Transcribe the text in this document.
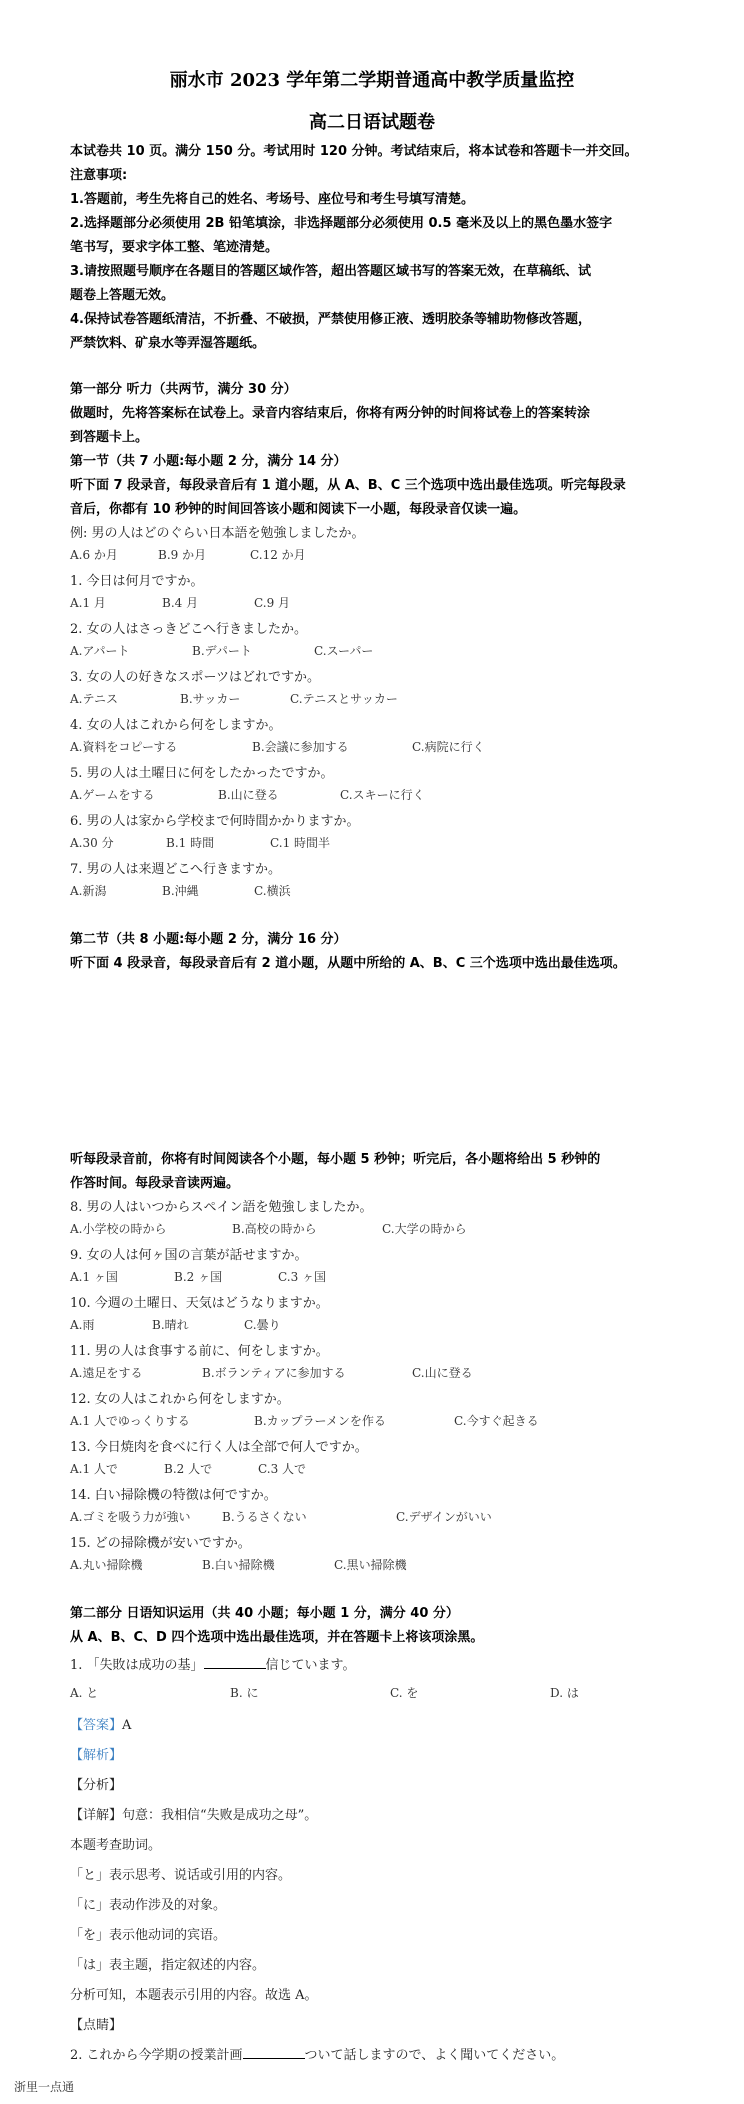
丽水市 2023 学年第二学期普通高中教学质量监控
高二日语试题卷
本试卷共 10 页。满分 150 分。考试用时 120 分钟。考试结束后，将本试卷和答题卡一并交回。
注意事项:
1.答题前，考生先将自己的姓名、考场号、座位号和考生号填写清楚。
2.选择题部分必须使用 2B 铅笔填涂，非选择题部分必须使用 0.5 毫米及以上的黑色墨水签字
笔书写，要求字体工整、笔迹清楚。
3.请按照题号顺序在各题目的答题区域作答，超出答题区域书写的答案无效，在草稿纸、试
题卷上答题无效。
4.保持试卷答题纸清洁，不折叠、不破损，严禁使用修正液、透明胶条等辅助物修改答题，
严禁饮料、矿泉水等弄湿答题纸。
第一部分 听力（共两节，满分 30 分）
做题时，先将答案标在试卷上。录音内容结束后，你将有两分钟的时间将试卷上的答案转涂
到答题卡上。
第一节（共 7 小题:每小题 2 分，满分 14 分）
听下面 7 段录音，每段录音后有 1 道小题，从 A、B、C 三个选项中选出最佳选项。听完每段录
音后，你都有 10 秒钟的时间回答该小题和阅读下一小题，每段录音仅读一遍。
例: 男の人はどのぐらい日本語を勉強しましたか。
A.6 か月	B.9 か月	C.12 か月
1. 今日は何月ですか。
A.1 月	B.4 月	C.9 月
2. 女の人はさっきどこへ行きましたか。
A.アパート	B.デパート	C.スーパー
3. 女の人の好きなスポーツはどれですか。
A.テニス	B.サッカー	C.テニスとサッカー
4. 女の人はこれから何をしますか。
A.資料をコピーする	B.会議に参加する	C.病院に行く
5. 男の人は土曜日に何をしたかったですか。
A.ゲームをする	B.山に登る	C.スキーに行く
6. 男の人は家から学校まで何時間かかりますか。
A.30 分	B.1 時間	C.1 時間半
7. 男の人は来週どこへ行きますか。
A.新潟	B.沖縄	C.横浜
第二节（共 8 小题:每小题 2 分，满分 16 分）
听下面 4 段录音，每段录音后有 2 道小题，从题中所给的 A、B、C 三个选项中选出最佳选项。
听每段录音前，你将有时间阅读各个小题，每小题 5 秒钟；听完后，各小题将给出 5 秒钟的
作答时间。每段录音读两遍。
8. 男の人はいつからスペイン語を勉強しましたか。
A.小学校の時から	B.高校の時から	C.大学の時から
9. 女の人は何ヶ国の言葉が話せますか。
A.1 ヶ国	B.2 ヶ国	C.3 ヶ国
10. 今週の土曜日、天気はどうなりますか。
A.雨	B.晴れ	C.曇り
11. 男の人は食事する前に、何をしますか。
A.遠足をする	B.ボランティアに参加する	C.山に登る
12. 女の人はこれから何をしますか。
A.1 人でゆっくりする	B.カップラーメンを作る	C.今すぐ起きる
13. 今日焼肉を食べに行く人は全部で何人ですか。
A.1 人で	B.2 人で	C.3 人で
14. 白い掃除機の特徴は何ですか。
A.ゴミを吸う力が強い	B.うるさくない	C.デザインがいい
15. どの掃除機が安いですか。
A.丸い掃除機	B.白い掃除機	C.黒い掃除機
第二部分 日语知识运用（共 40 小题；每小题 1 分，满分 40 分）
从 A、B、C、D 四个选项中选出最佳选项，并在答题卡上将该项涂黑。
1. 「失敗は成功の基」	信じています。
A. と	B. に	C. を	D. は
【答案】A
【解析】
【分析】
【详解】句意：我相信“失败是成功之母”。
本题考查助词。
「と」表示思考、说话或引用的内容。
「に」表动作涉及的对象。
「を」表示他动词的宾语。
「は」表主题，指定叙述的内容。
分析可知，本题表示引用的内容。故选 A。
【点睛】
2. これから今学期の授業計画	ついて話しますので、よく聞いてください。
浙里一点通
